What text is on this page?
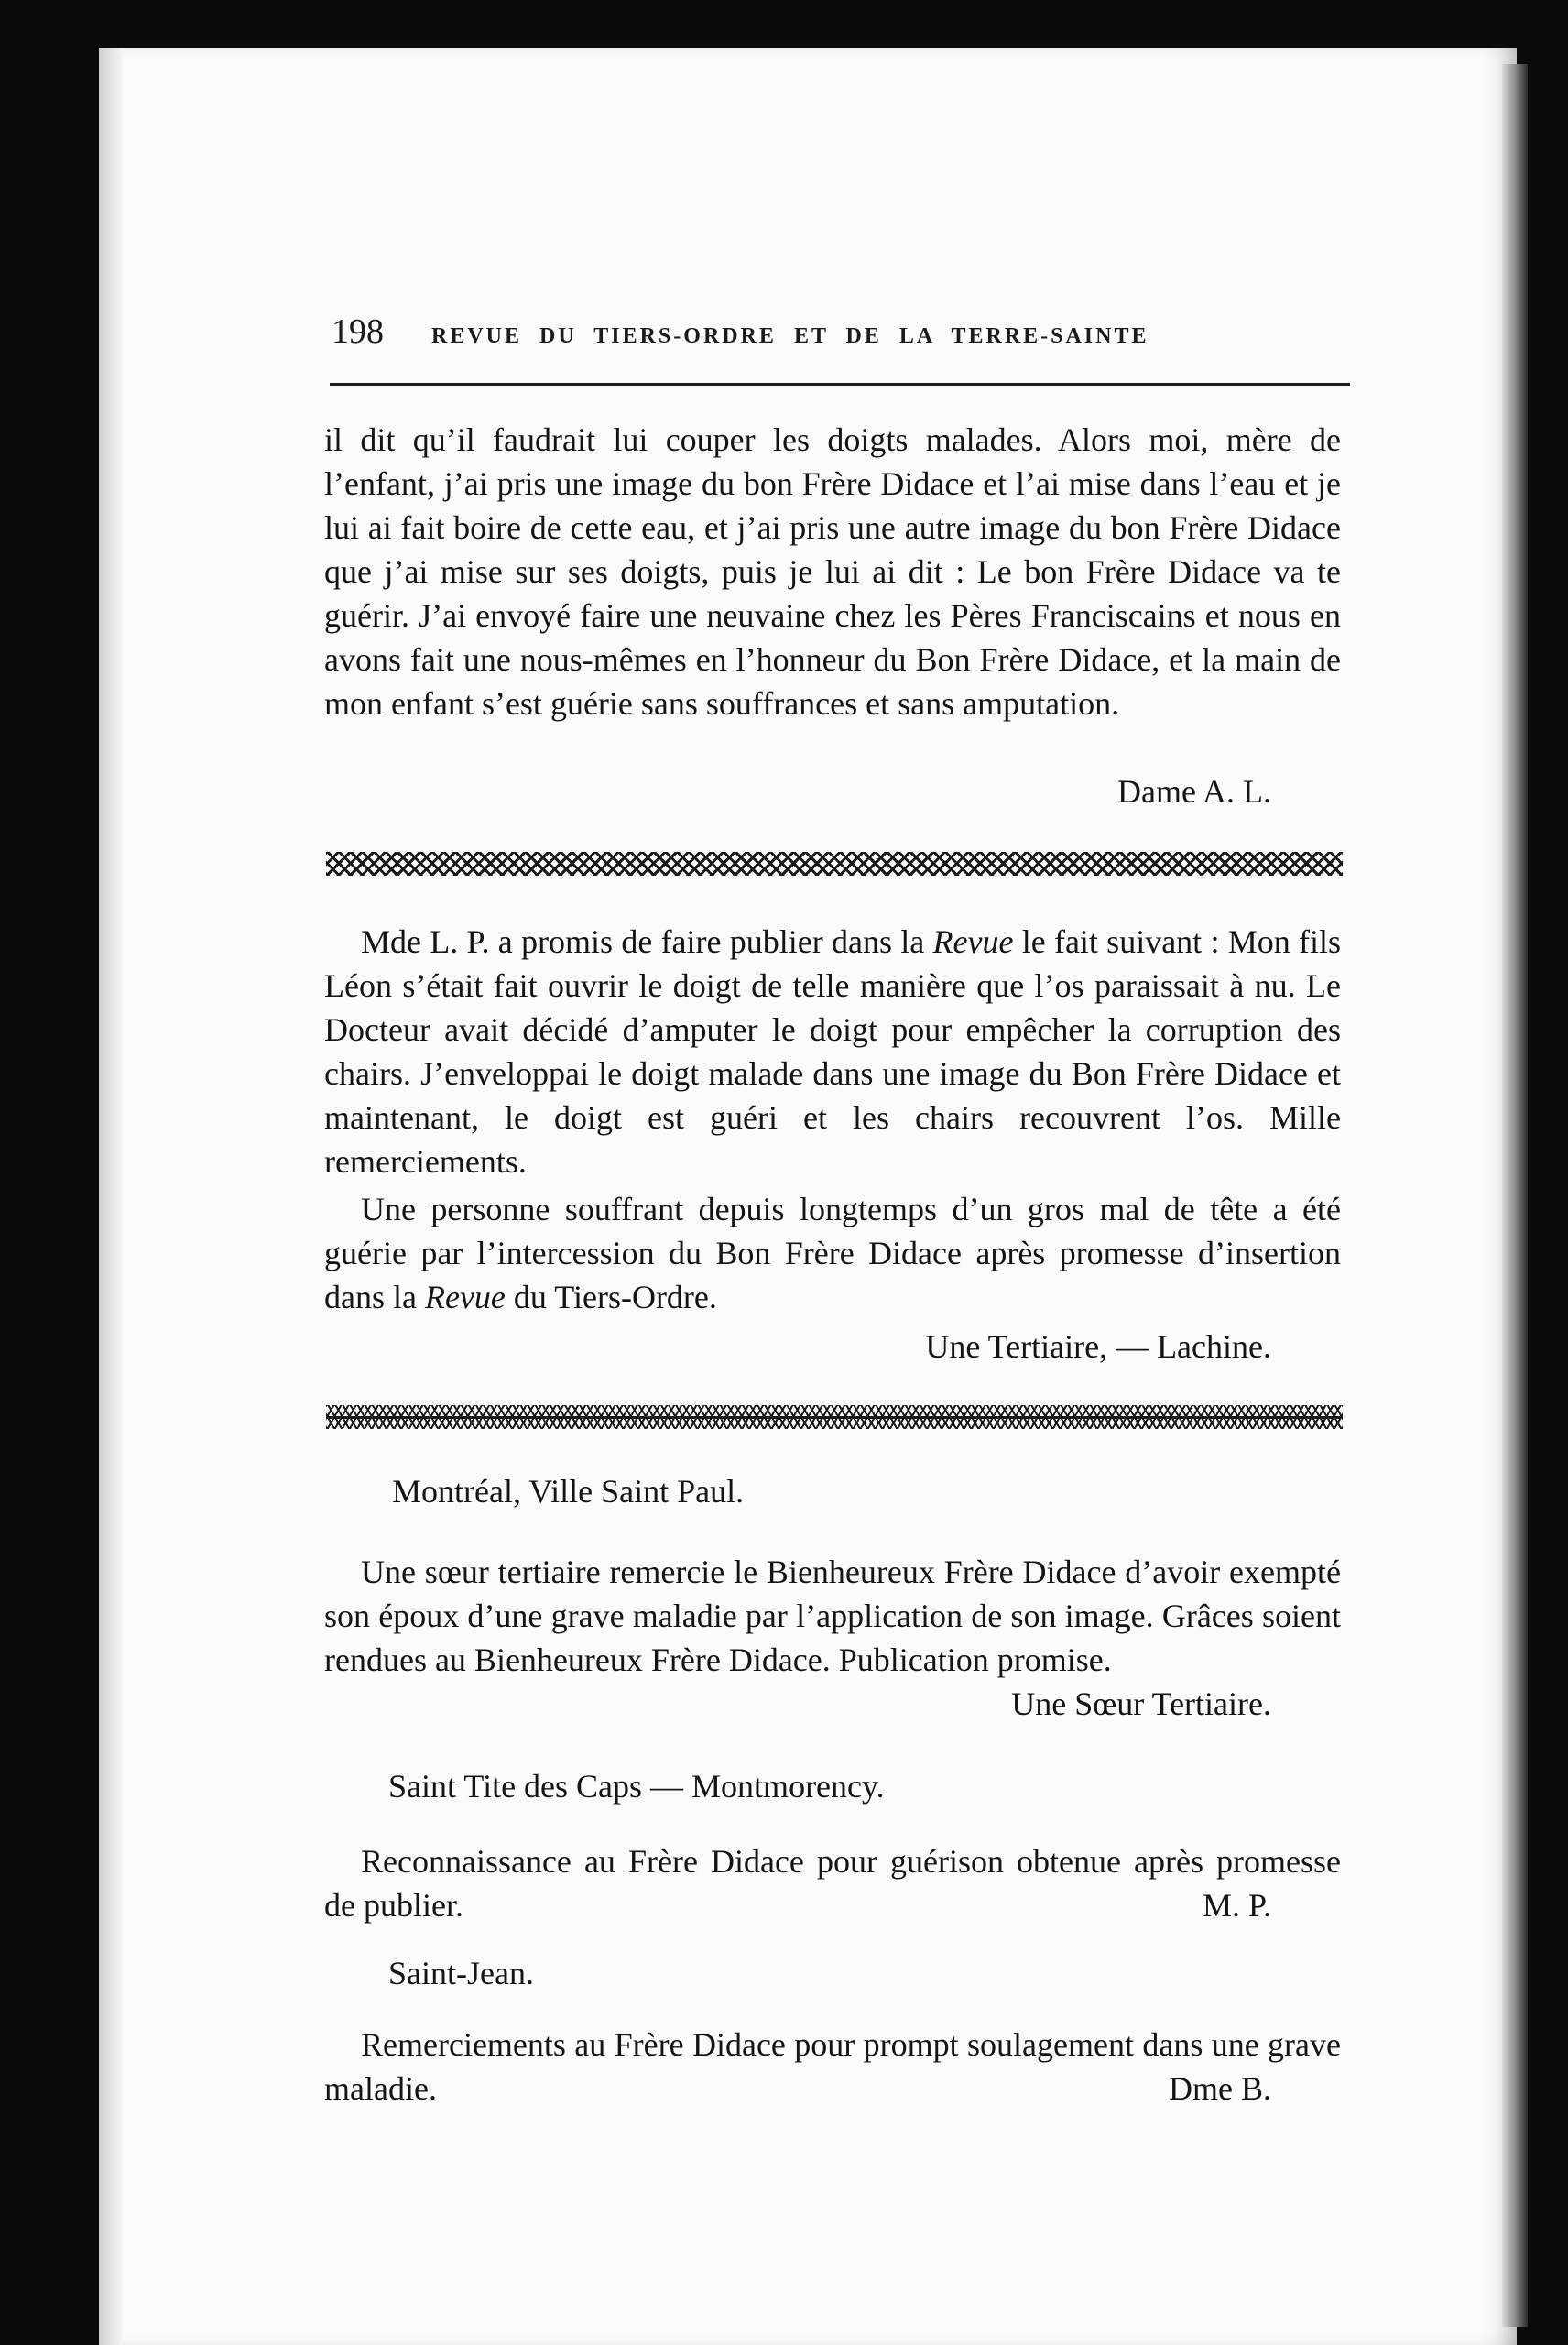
198 REVUE DU TIERS-ORDRE ET DE LA TERRE-SAINTE

il dit qu’il faudrait lui couper les doigts malades. Alors moi, mère de l’enfant, j’ai pris une image du bon Frère Didace et l’ai mise dans l’eau et je lui ai fait boire de cette eau, et j’ai pris une autre image du bon Frère Didace que j’ai mise sur ses doigts, puis je lui ai dit : Le bon Frère Didace va te guérir. J’ai envoyé faire une neuvaine chez les Pères Franciscains et nous en avons fait une nous-mêmes en l’honneur du Bon Frère Didace, et la main de mon enfant s’est guérie sans souffrances et sans amputation.

Dame A. L.

Mde L. P. a promis de faire publier dans la Revue le fait suivant : Mon fils Léon s’était fait ouvrir le doigt de telle manière que l’os paraissait à nu. Le Docteur avait décidé d’amputer le doigt pour empêcher la corruption des chairs. J’enveloppai le doigt malade dans une image du Bon Frère Didace et maintenant, le doigt est guéri et les chairs recouvrent l’os. Mille remerciements.

Une personne souffrant depuis longtemps d’un gros mal de tête a été guérie par l’intercession du Bon Frère Didace après promesse d’insertion dans la Revue du Tiers-Ordre.

Une Tertiaire, — Lachine.

Montréal, Ville Saint Paul.

Une sœur tertiaire remercie le Bienheureux Frère Didace d’avoir exempté son époux d’une grave maladie par l’application de son image. Grâces soient rendues au Bienheureux Frère Didace. Publication promise.

Une Sœur Tertiaire.

Saint Tite des Caps — Montmorency.

Reconnaissance au Frère Didace pour guérison obtenue après promesse de publier.	M. P.

Saint-Jean.

Remerciements au Frère Didace pour prompt soulagement dans une grave maladie.	Dme B.
